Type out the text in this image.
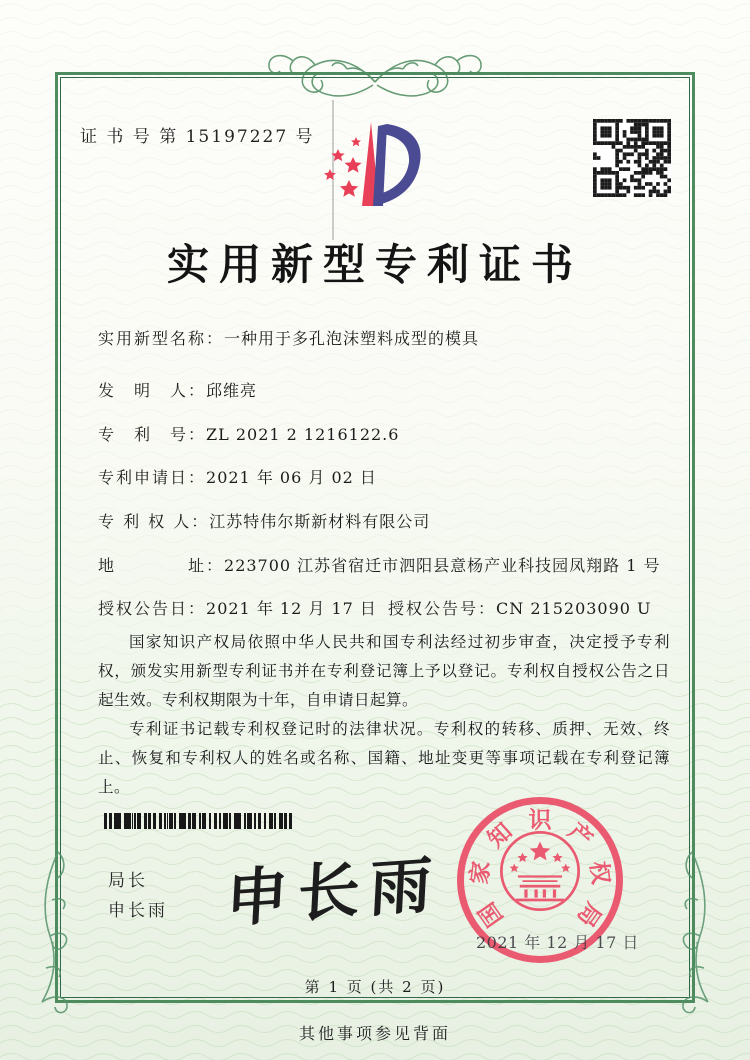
证 书 号 第 15197227 号
实用新型专利证书
实用新型名称：一种用于多孔泡沫塑料成型的模具
发　明　人：邱维亮
专　利　号：ZL 2021 2 1216122.6
专利申请日：2021 年 06 月 02 日
专 利 权 人：江苏特伟尔斯新材料有限公司
地　　　　址：223700 江苏省宿迁市泗阳县意杨产业科技园凤翔路 1 号
授权公告日：2021 年 12 月 17 日 授权公告号：CN 215203090 U

国家知识产权局依照中华人民共和国专利法经过初步审查，决定授予专利权，颁发实用新型专利证书并在专利登记簿上予以登记。专利权自授权公告之日起生效。专利权期限为十年，自申请日起算。

专利证书记载专利权登记时的法律状况。专利权的转移、质押、无效、终止、恢复和专利权人的姓名或名称、国籍、地址变更等事项记载在专利登记簿上。

局长
申长雨 申长雨 国
家
知 识 产
权
局
2021 年 12 月 17 日
第 1 页 (共 2 页)
其他事项参见背面
